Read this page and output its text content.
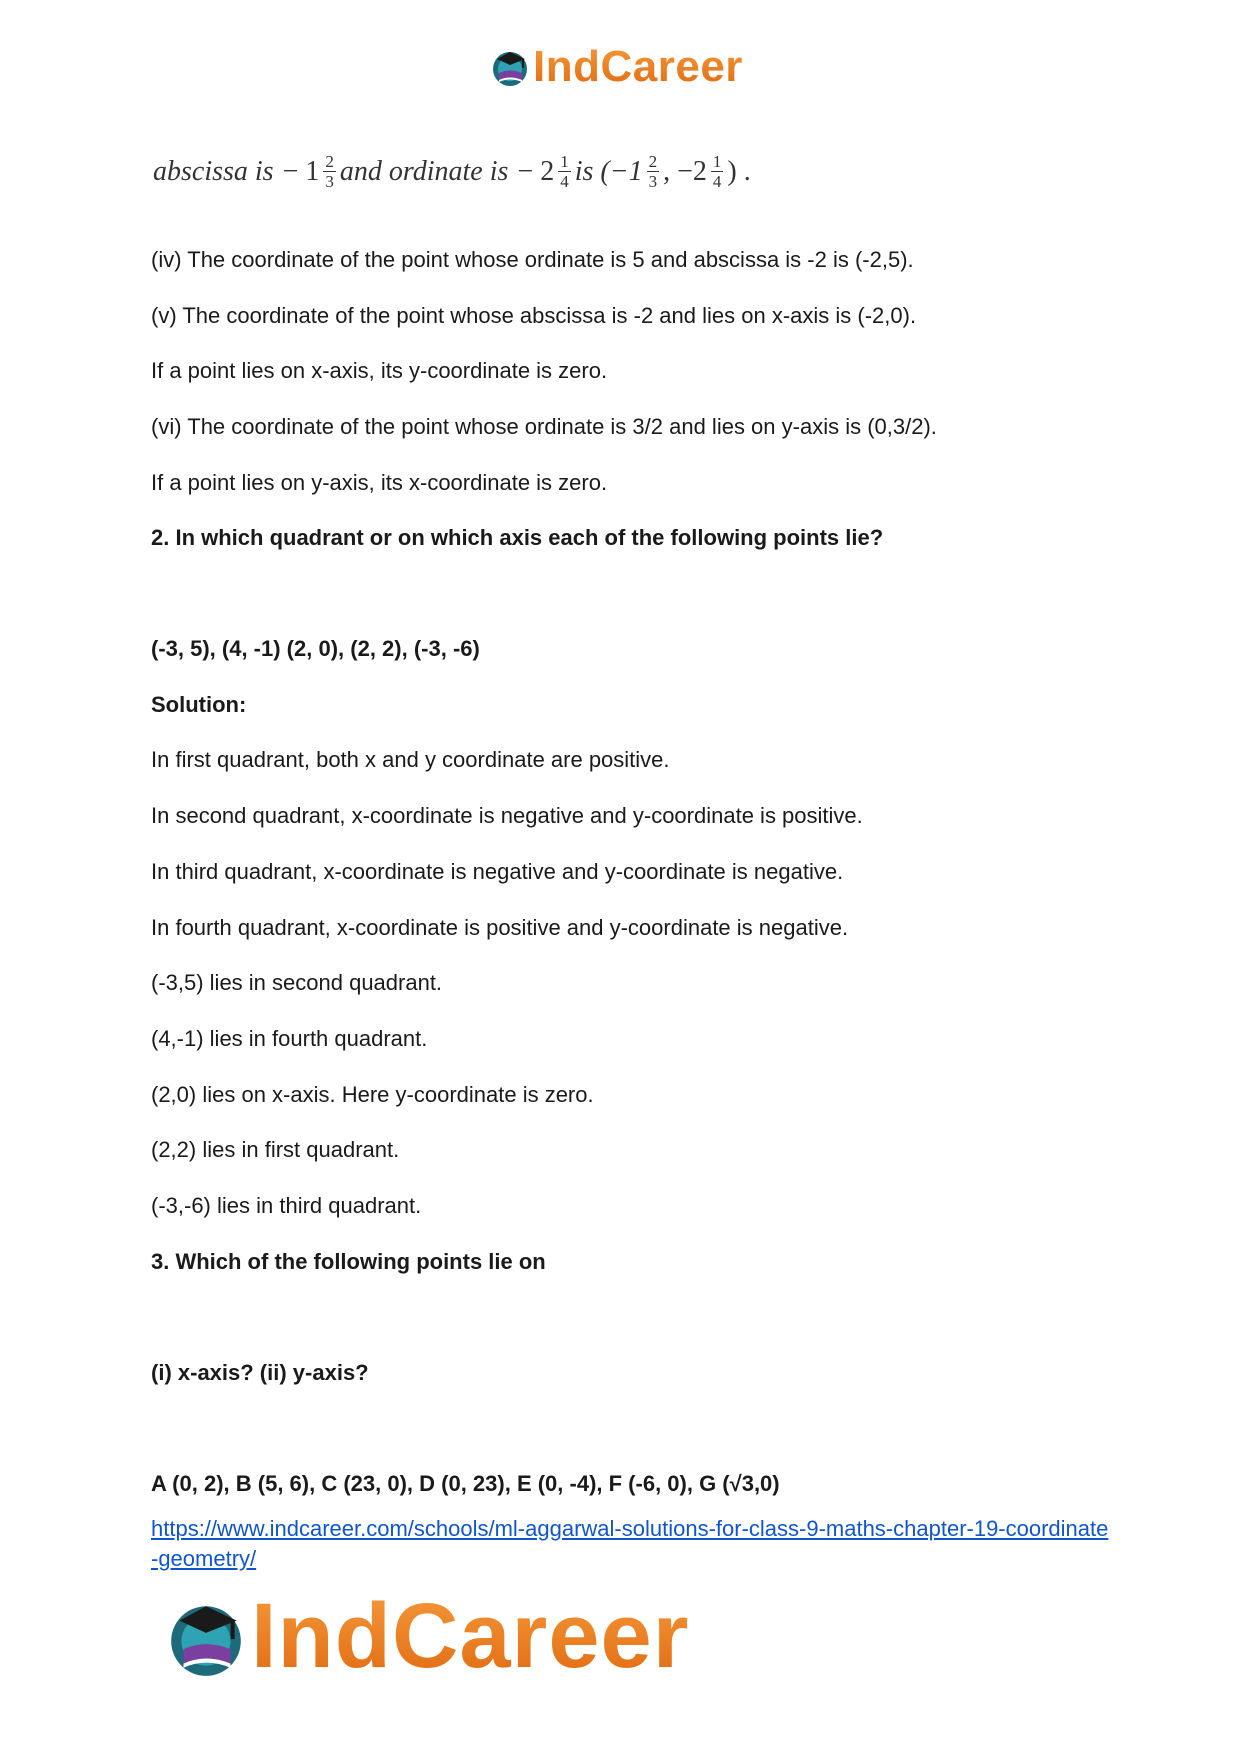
IndCareer
abscissa is − $1 \frac{2}{3}$ and ordinate is − $2 \frac{1}{4}$ is ($-1 \frac{2}{3}$ , $-2 \frac{1}{4}$ ) .
(iv) The coordinate of the point whose ordinate is 5 and abscissa is -2 is (-2,5).
(v) The coordinate of the point whose abscissa is -2 and lies on x-axis is (-2,0).
If a point lies on x-axis, its y-coordinate is zero.
(vi) The coordinate of the point whose ordinate is 3/2 and lies on y-axis is (0,3/2).
If a point lies on y-axis, its x-coordinate is zero.
2. In which quadrant or on which axis each of the following points lie?
(-3, 5), (4, -1) (2, 0), (2, 2), (-3, -6)
Solution:
In first quadrant, both x and y coordinate are positive.
In second quadrant, x-coordinate is negative and y-coordinate is positive.
In third quadrant, x-coordinate is negative and y-coordinate is negative.
In fourth quadrant, x-coordinate is positive and y-coordinate is negative.
(-3,5) lies in second quadrant.
(4,-1) lies in fourth quadrant.
(2,0) lies on x-axis. Here y-coordinate is zero.
(2,2) lies in first quadrant.
(-3,-6) lies in third quadrant.
3. Which of the following points lie on
(i) x-axis? (ii) y-axis?
A (0, 2), B (5, 6), C (23, 0), D (0, 23), E (0, -4), F (-6, 0), G (√3,0)
https://www.indcareer.com/schools/ml-aggarwal-solutions-for-class-9-maths-chapter-19-coordinate-geometry/
IndCareer
